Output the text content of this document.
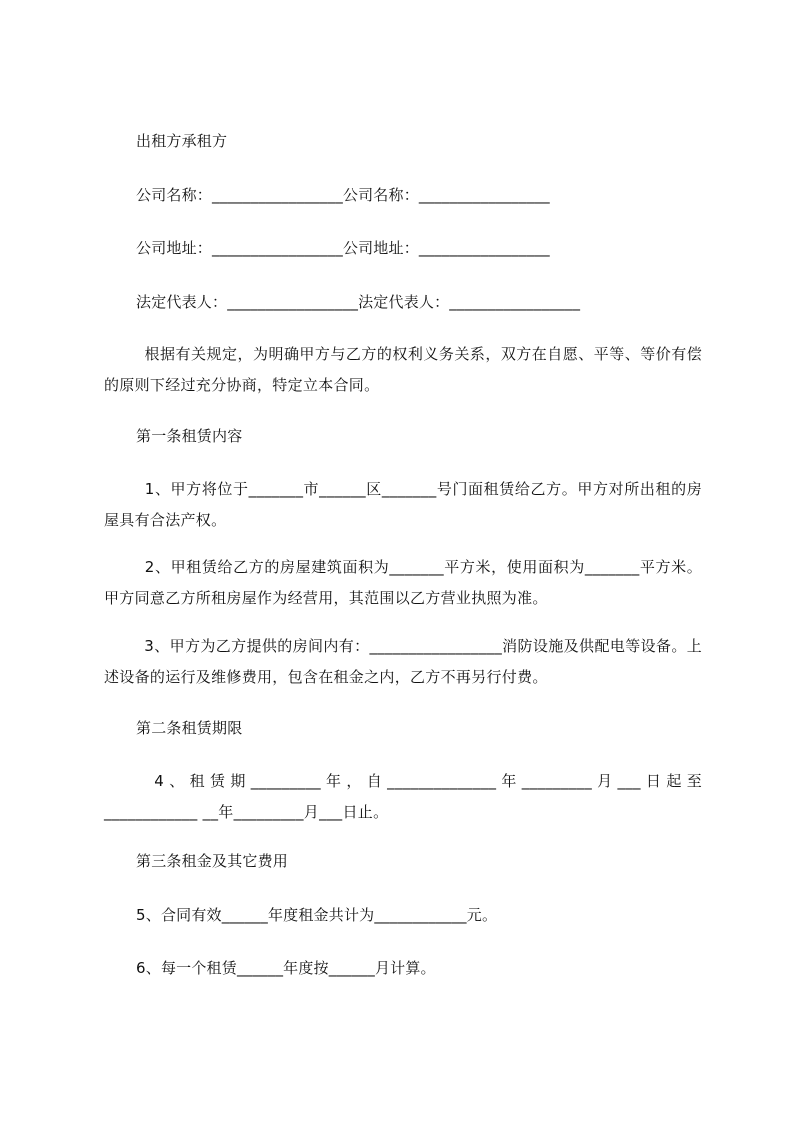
出租方承租方
公司名称：_________________公司名称：_________________
公司地址：_________________公司地址：_________________
法定代表人：_________________法定代表人：_________________
根据有关规定，为明确甲方与乙方的权利义务关系，双方在自愿、平等、等价有偿的原则下经过充分协商，特定立本合同。
第一条租赁内容
1、甲方将位于_______市______区_______号门面租赁给乙方。甲方对所出租的房屋具有合法产权。
2、甲租赁给乙方的房屋建筑面积为_______平方米，使用面积为_______平方米。甲方同意乙方所租房屋作为经营用，其范围以乙方营业执照为准。
3、甲方为乙方提供的房间内有：_________________消防设施及供配电等设备。上述设备的运行及维修费用，包含在租金之内，乙方不再另行付费。
第二条租赁期限
4、租赁期_________年，自______________年_________月___日起至____________ __年_________月___日止。
第三条租金及其它费用
5、合同有效______年度租金共计为____________元。
6、每一个租赁______年度按______月计算。
